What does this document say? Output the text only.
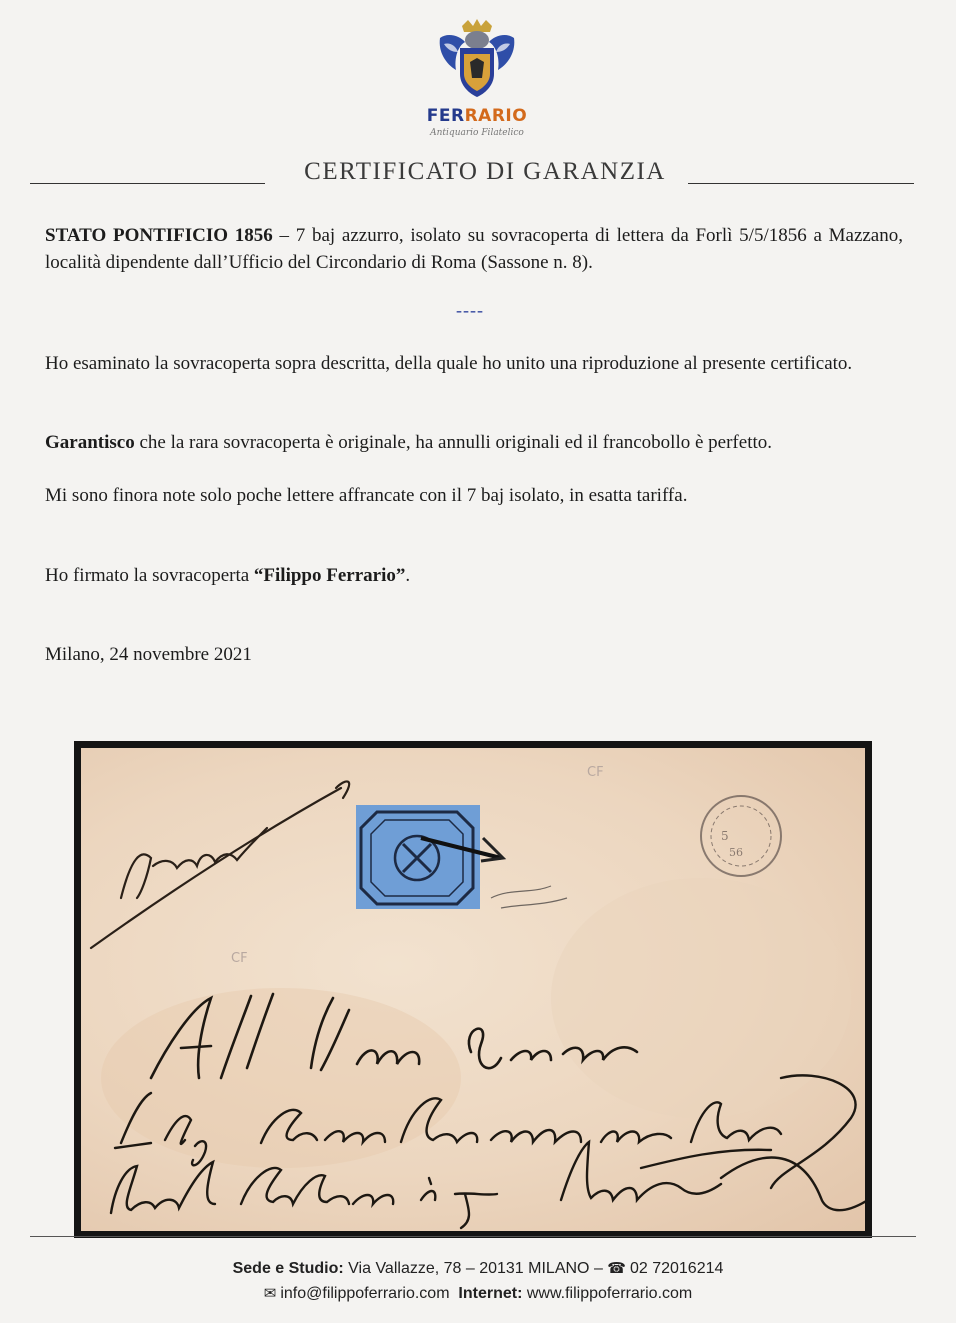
FERRARIO
Antiquario Filatelico
CERTIFICATO DI GARANZIA
STATO PONTIFICIO 1856 – 7 baj azzurro, isolato su sovracoperta di lettera da Forlì 5/5/1856 a Mazzano, località dipendente dall’Ufficio del Circondario di Roma (Sassone n. 8).
----
Ho esaminato la sovracoperta sopra descritta, della quale ho unito una riproduzione al presente certificato.
Garantisco che la rara sovracoperta è originale, ha annulli originali ed il francobollo è perfetto.
Mi sono finora note solo poche lettere affrancate con il 7 baj isolato, in esatta tariffa.
Ho firmato la sovracoperta “Filippo Ferrario”.
Milano, 24 novembre 2021
CF
CF
5
56
Sede e Studio: Via Vallazze, 78 – 20131 MILANO – ☎ 02 72016214
✉ info@filippoferrario.com Internet: www.filippoferrario.com
